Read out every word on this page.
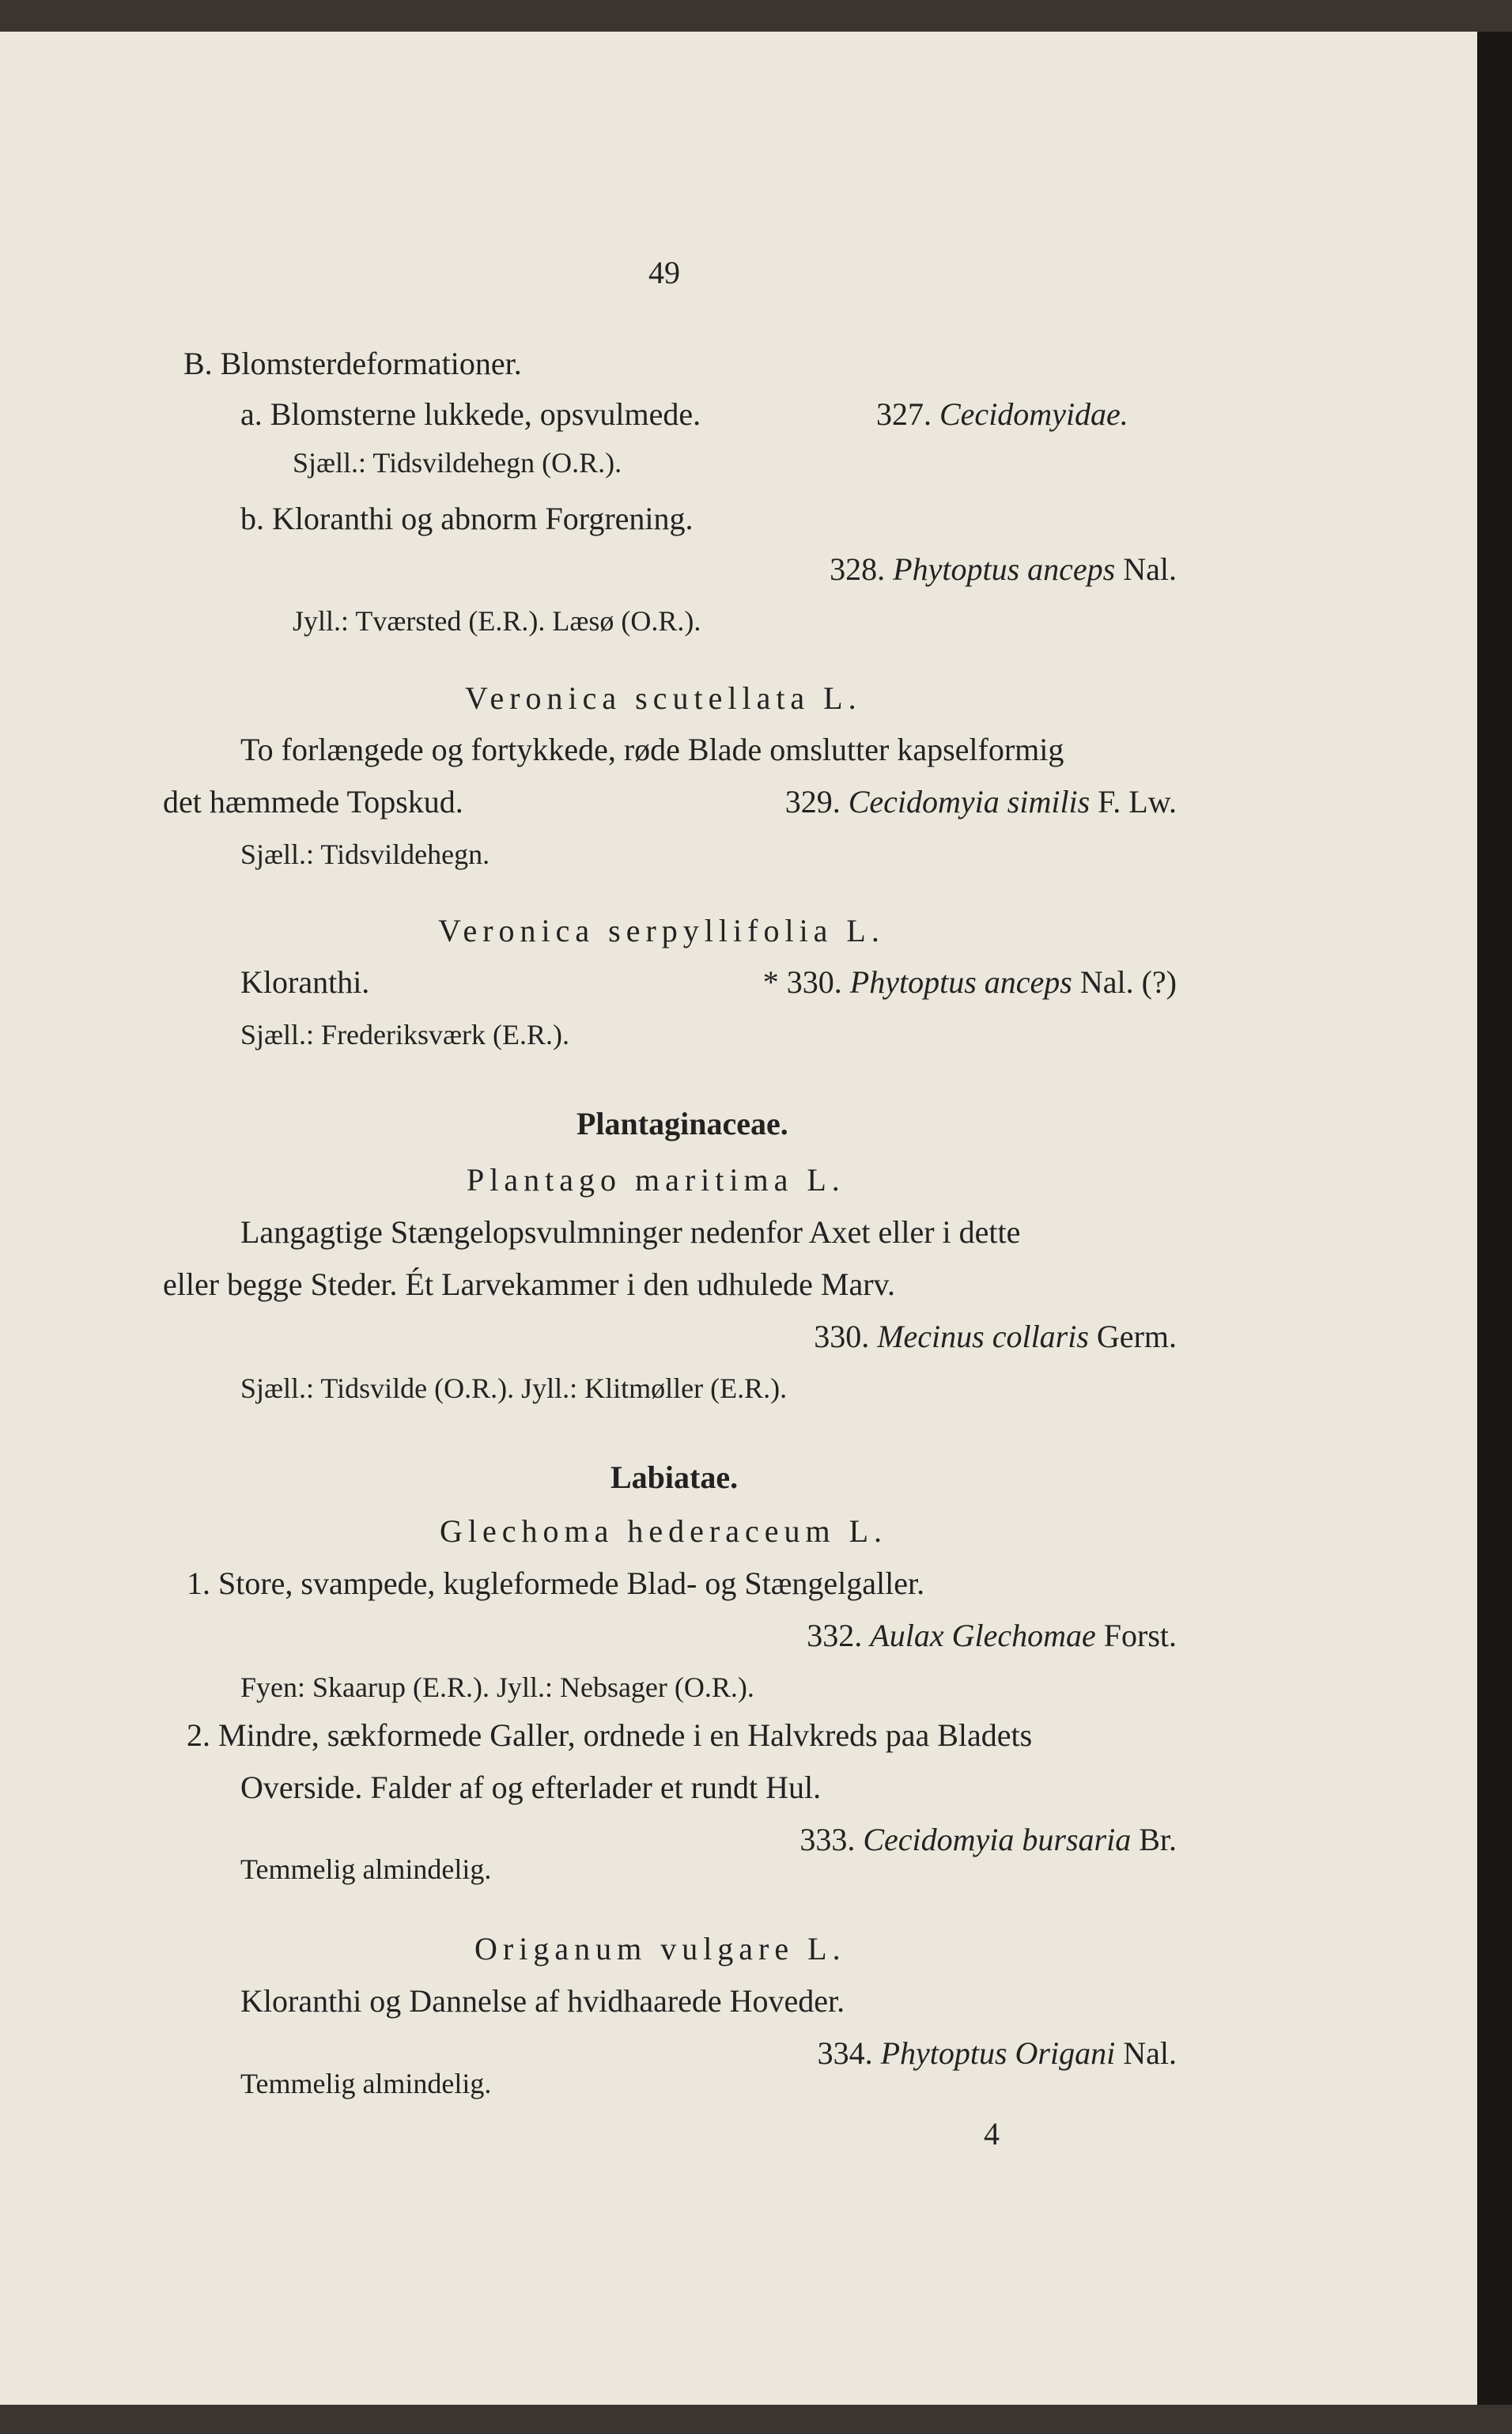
49
B. Blomsterdeformationer.
a. Blomsterne lukkede, opsvulmede.	327. Cecidomyidae.
Sjæll.: Tidsvildehegn (O.R.).
b. Kloranthi og abnorm Forgrening.
328. Phytoptus anceps Nal.
Jyll.: Tværsted (E.R.). Læsø (O.R.).
Veronica scutellata L.
To forlængede og fortykkede, røde Blade omslutter kapselformig
det hæmmede Topskud.	329. Cecidomyia similis F. Lw.
Sjæll.: Tidsvildehegn.
Veronica serpyllifolia L.
Kloranthi.	* 330. Phytoptus anceps Nal. (?)
Sjæll.: Frederiksværk (E.R.).
Plantaginaceae.
Plantago maritima L.
Langagtige Stængelopsvulmninger nedenfor Axet eller i dette
eller begge Steder. Ét Larvekammer i den udhulede Marv.
330. Mecinus collaris Germ.
Sjæll.: Tidsvilde (O.R.). Jyll.: Klitmøller (E.R.).
Labiatae.
Glechoma hederaceum L.
1. Store, svampede, kugleformede Blad- og Stængelgaller.
332. Aulax Glechomae Forst.
Fyen: Skaarup (E.R.). Jyll.: Nebsager (O.R.).
2. Mindre, sækformede Galler, ordnede i en Halvkreds paa Bladets
Overside. Falder af og efterlader et rundt Hul.
333. Cecidomyia bursaria Br.
Temmelig almindelig.
Origanum vulgare L.
Kloranthi og Dannelse af hvidhaarede Hoveder.
334. Phytoptus Origani Nal.
Temmelig almindelig.
4
